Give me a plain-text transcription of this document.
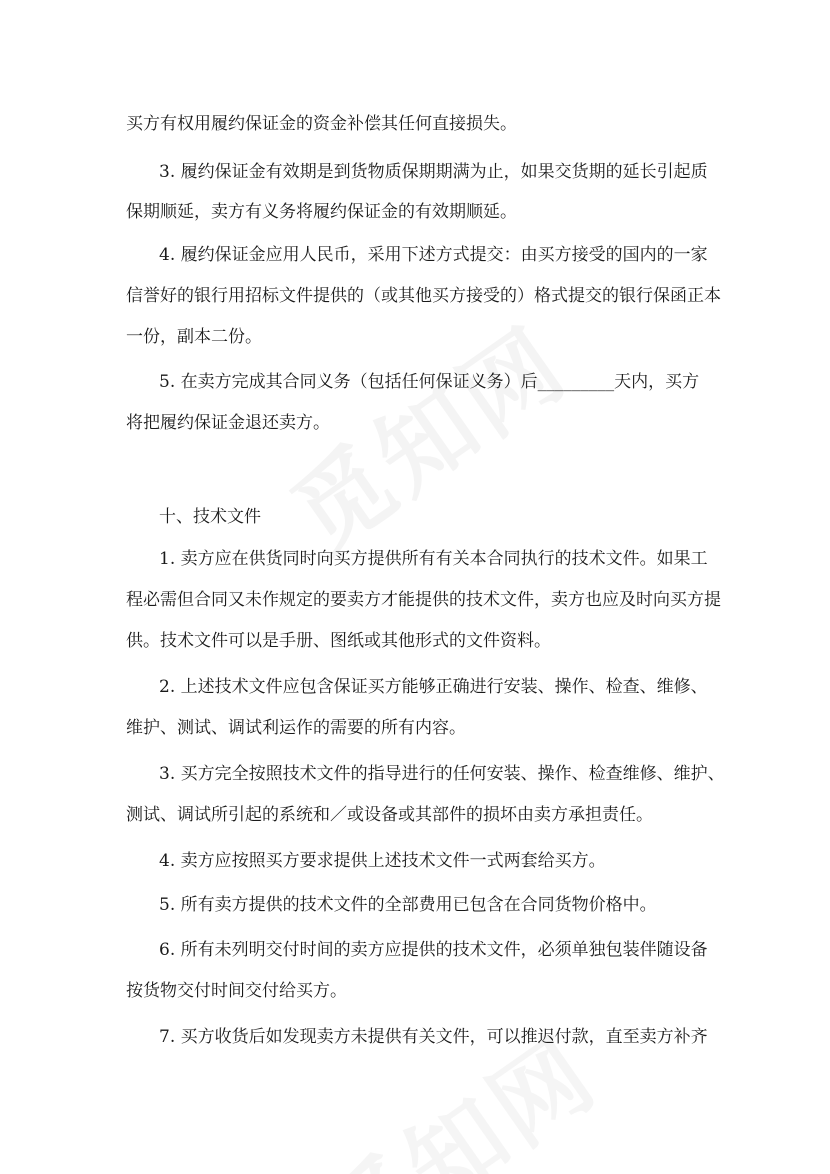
买方有权用履约保证金的资金补偿其任何直接损失。
3. 履约保证金有效期是到货物质保期期满为止，如果交货期的延长引起质
保期顺延，卖方有义务将履约保证金的有效期顺延。
4. 履约保证金应用人民币，采用下述方式提交：由买方接受的国内的一家
信誉好的银行用招标文件提供的（或其他买方接受的）格式提交的银行保函正本
一份，副本二份。
5. 在卖方完成其合同义务（包括任何保证义务）后_________天内，买方
将把履约保证金退还卖方。
十、技术文件
1. 卖方应在供货同时向买方提供所有有关本合同执行的技术文件。如果工
程必需但合同又未作规定的要卖方才能提供的技术文件，卖方也应及时向买方提
供。技术文件可以是手册、图纸或其他形式的文件资料。
2. 上述技术文件应包含保证买方能够正确进行安装、操作、检查、维修、
维护、测试、调试利运作的需要的所有内容。
3. 买方完全按照技术文件的指导进行的任何安装、操作、检查维修、维护、
测试、调试所引起的系统和／或设备或其部件的损坏由卖方承担责任。
4. 卖方应按照买方要求提供上述技术文件一式两套给买方。
5. 所有卖方提供的技术文件的全部费用已包含在合同货物价格中。
6. 所有未列明交付时间的卖方应提供的技术文件，必须单独包装伴随设备
按货物交付时间交付给买方。
7. 买方收货后如发现卖方未提供有关文件，可以推迟付款，直至卖方补齐
